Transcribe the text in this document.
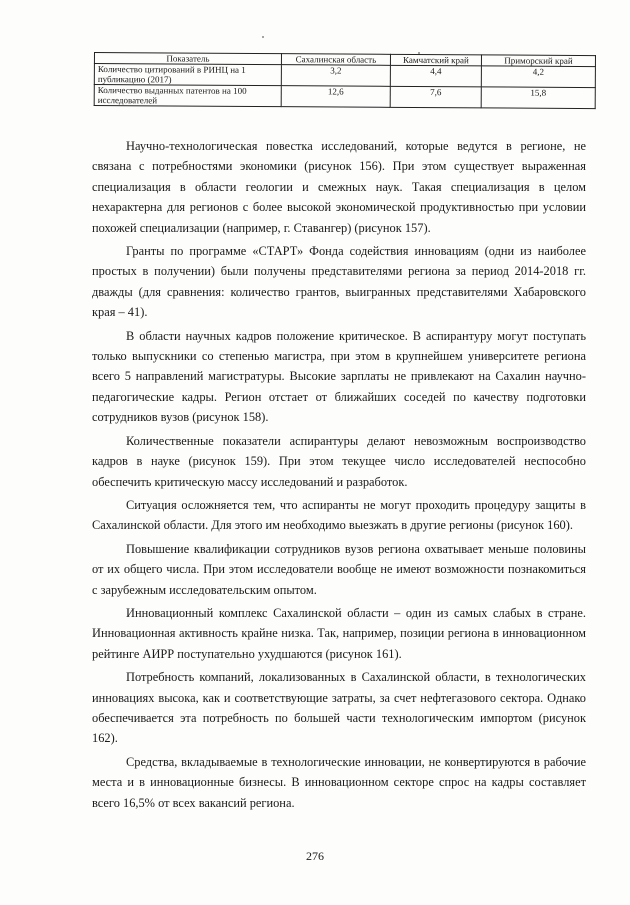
Показатель	Сахалинская область	Камчатский край	Приморский край
Количество цитирований в РИНЦ на 1 публикацию (2017)	3,2	4,4	4,2
Количество выданных патентов на 100 исследователей	12,6	7,6	15,8

Научно-технологическая повестка исследований, которые ведутся в регионе, не связана с потребностями экономики (рисунок 156). При этом существует выраженная специализация в области геологии и смежных наук. Такая специализация в целом нехарактерна для регионов с более высокой экономической продуктивностью при условии похожей специализации (например, г. Ставангер) (рисунок 157).

Гранты по программе «СТАРТ» Фонда содействия инновациям (одни из наиболее простых в получении) были получены представителями региона за период 2014-2018 гг. дважды (для сравнения: количество грантов, выигранных представителями Хабаровского края – 41).

В области научных кадров положение критическое. В аспирантуру могут поступать только выпускники со степенью магистра, при этом в крупнейшем университете региона всего 5 направлений магистратуры. Высокие зарплаты не привлекают на Сахалин научно-педагогические кадры. Регион отстает от ближайших соседей по качеству подготовки сотрудников вузов (рисунок 158).

Количественные показатели аспирантуры делают невозможным воспроизводство кадров в науке (рисунок 159). При этом текущее число исследователей неспособно обеспечить критическую массу исследований и разработок.

Ситуация осложняется тем, что аспиранты не могут проходить процедуру защиты в Сахалинской области. Для этого им необходимо выезжать в другие регионы (рисунок 160).

Повышение квалификации сотрудников вузов региона охватывает меньше половины от их общего числа. При этом исследователи вообще не имеют возможности познакомиться с зарубежным исследовательским опытом.

Инновационный комплекс Сахалинской области – один из самых слабых в стране. Инновационная активность крайне низка. Так, например, позиции региона в инновационном рейтинге АИРР поступательно ухудшаются (рисунок 161).

Потребность компаний, локализованных в Сахалинской области, в технологических инновациях высока, как и соответствующие затраты, за счет нефтегазового сектора. Однако обеспечивается эта потребность по большей части технологическим импортом (рисунок 162).

Средства, вкладываемые в технологические инновации, не конвертируются в рабочие места и в инновационные бизнесы. В инновационном секторе спрос на кадры составляет всего 16,5% от всех вакансий региона.

276
